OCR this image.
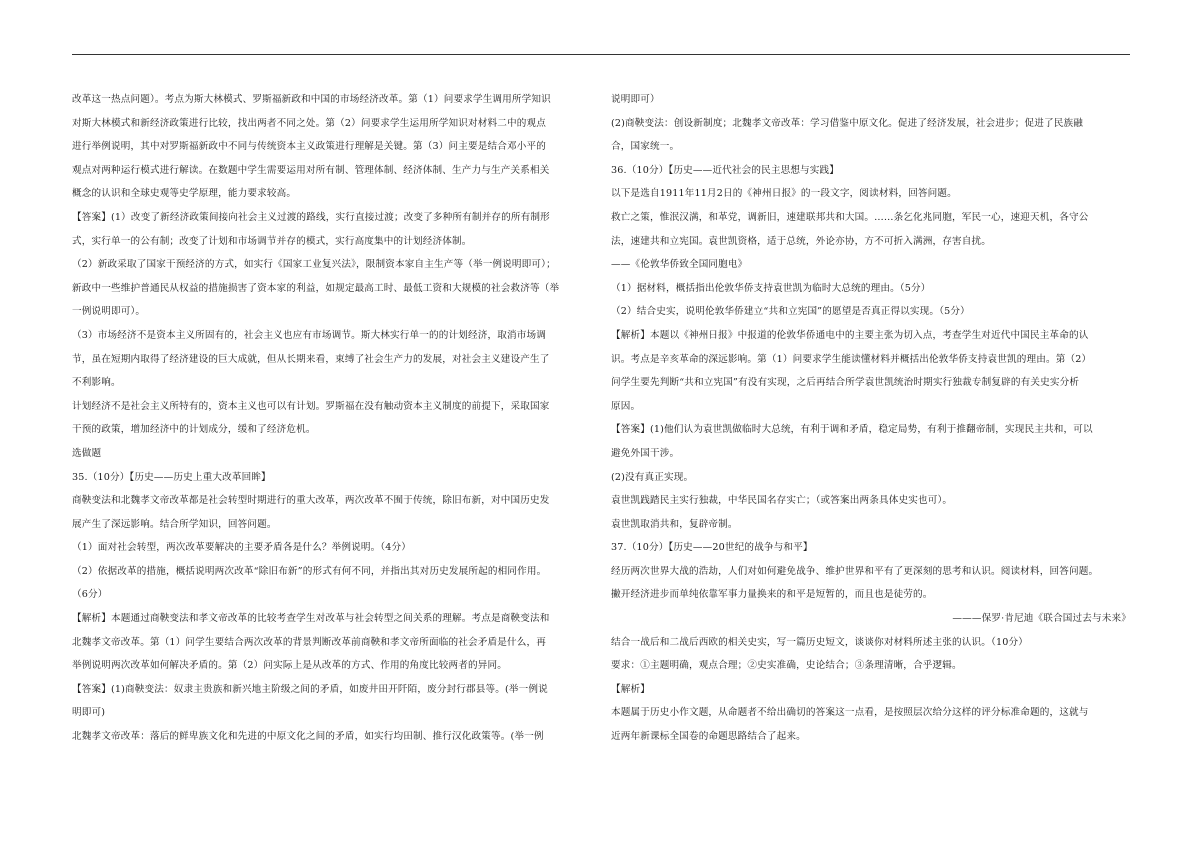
改革这一热点问题）。考点为斯大林模式、罗斯福新政和中国的市场经济改革。第（1）问要求学生调用所学知识

对斯大林模式和新经济政策进行比较，找出两者不同之处。第（2）问要求学生运用所学知识对材料二中的观点

进行举例说明，其中对罗斯福新政中不同与传统资本主义政策进行理解是关键。第（3）问主要是结合邓小平的

观点对两种运行模式进行解读。在数题中学生需要运用对所有制、管理体制、经济体制、生产力与生产关系相关

概念的认识和全球史观等史学原理，能力要求较高。

【答案】(1）改变了新经济政策间接向社会主义过渡的路线，实行直接过渡；改变了多种所有制并存的所有制形

式，实行单一的公有制；改变了计划和市场调节并存的模式，实行高度集中的计划经济体制。

（2）新政采取了国家干预经济的方式，如实行《国家工业复兴法》，限制资本家自主生产等（举一例说明即可）；

新政中一些维护普通民从权益的措施损害了资本家的利益，如规定最高工时、最低工资和大规模的社会救济等（举

一例说明即可）。

（3）市场经济不是资本主义所固有的，社会主义也应有市场调节。斯大林实行单一的的计划经济，取消市场调

节，虽在短期内取得了经济建设的巨大成就，但从长期来看，束缚了社会生产力的发展，对社会主义建设产生了

不利影响。

计划经济不是社会主义所特有的，资本主义也可以有计划。罗斯福在没有触动资本主义制度的前提下，采取国家

干预的政策，增加经济中的计划成分，缓和了经济危机。

选做题

35.（10分）【历史——历史上重大改革回眸】

商鞅变法和北魏孝文帝改革都是社会转型时期进行的重大改革，两次改革不囿于传统，除旧布新，对中国历史发

展产生了深远影响。结合所学知识，回答问题。

（1）面对社会转型，两次改革要解决的主要矛盾各是什么？举例说明。（4分）

（2）依据改革的措施，概括说明两次改革“除旧布新”的形式有何不同，并指出其对历史发展所起的相同作用。

（6分）

【解析】本题通过商鞅变法和孝文帝改革的比较考查学生对改革与社会转型之间关系的理解。考点是商鞅变法和

北魏孝文帝改革。第（1）问学生要结合两次改革的背景判断改革前商鞅和孝文帝所面临的社会矛盾是什么，再

举例说明两次改革如何解决矛盾的。第（2）问实际上是从改革的方式、作用的角度比较两者的异同。

【答案】(1)商鞅变法：奴隶主贵族和新兴地主阶级之间的矛盾，如废井田开阡陌，废分封行郡县等。(举一例说

明即可)

北魏孝文帝改革：落后的鲜卑族文化和先进的中原文化之间的矛盾，如实行均田制、推行汉化政策等。(举一例

说明即可）

(2)商鞅变法：创设新制度；北魏孝文帝改革：学习借鉴中原文化。促进了经济发展，社会进步；促进了民族融

合，国家统一。

36.（10分）【历史——近代社会的民主思想与实践】

以下是选自1911年11月2日的《神州日报》的一段文字，阅读材料，回答问题。

救亡之策，惟泯汉满，和革党，调新旧，速建联邦共和大国。……条乞化兆同胞，军民一心，速迎天机，各守公

法，速建共和立宪国。袁世凯资格，适于总统，外论亦协，方不可折入满洲，存害自扰。

——《伦敦华侨致全国同胞电》

（1）据材料，概括指出伦敦华侨支持袁世凯为临时大总统的理由。（5分）

（2）结合史实，说明伦敦华侨建立“共和立宪国”的愿望是否真正得以实现。（5分）

【解析】本题以《神州日报》中报道的伦敦华侨通电中的主要主张为切入点，考查学生对近代中国民主革命的认

识。考点是辛亥革命的深远影响。第（1）问要求学生能读懂材料并概括出伦敦华侨支持袁世凯的理由。第（2）

问学生要先判断“共和立宪国”有没有实现，之后再结合所学袁世凯统治时期实行独裁专制复辟的有关史实分析

原因。

【答案】(1)他们认为袁世凯做临时大总统，有利于调和矛盾，稳定局势，有利于推翻帝制，实现民主共和，可以

避免外国干涉。

(2)没有真正实现。

袁世凯践踏民主实行独裁，中华民国名存实亡；（或答案出两条具体史实也可）。

袁世凯取消共和，复辟帝制。

37.（10分）【历史——20世纪的战争与和平】

经历两次世界大战的浩劫，人们对如何避免战争、维护世界和平有了更深刻的思考和认识。阅读材料，回答问题。

撇开经济进步而单纯依靠军事力量换来的和平是短暂的，而且也是徒劳的。

———保罗·肯尼迪《联合国过去与未来》

结合一战后和二战后西欧的相关史实，写一篇历史短文，谈谈你对材料所述主张的认识。（10分）

要求：①主题明确，观点合理；②史实准确，史论结合；③条理清晰，合乎逻辑。

【解析】

本题属于历史小作文题，从命题者不给出确切的答案这一点看，是按照层次给分这样的评分标准命题的，这就与

近两年新课标全国卷的命题思路结合了起来。
